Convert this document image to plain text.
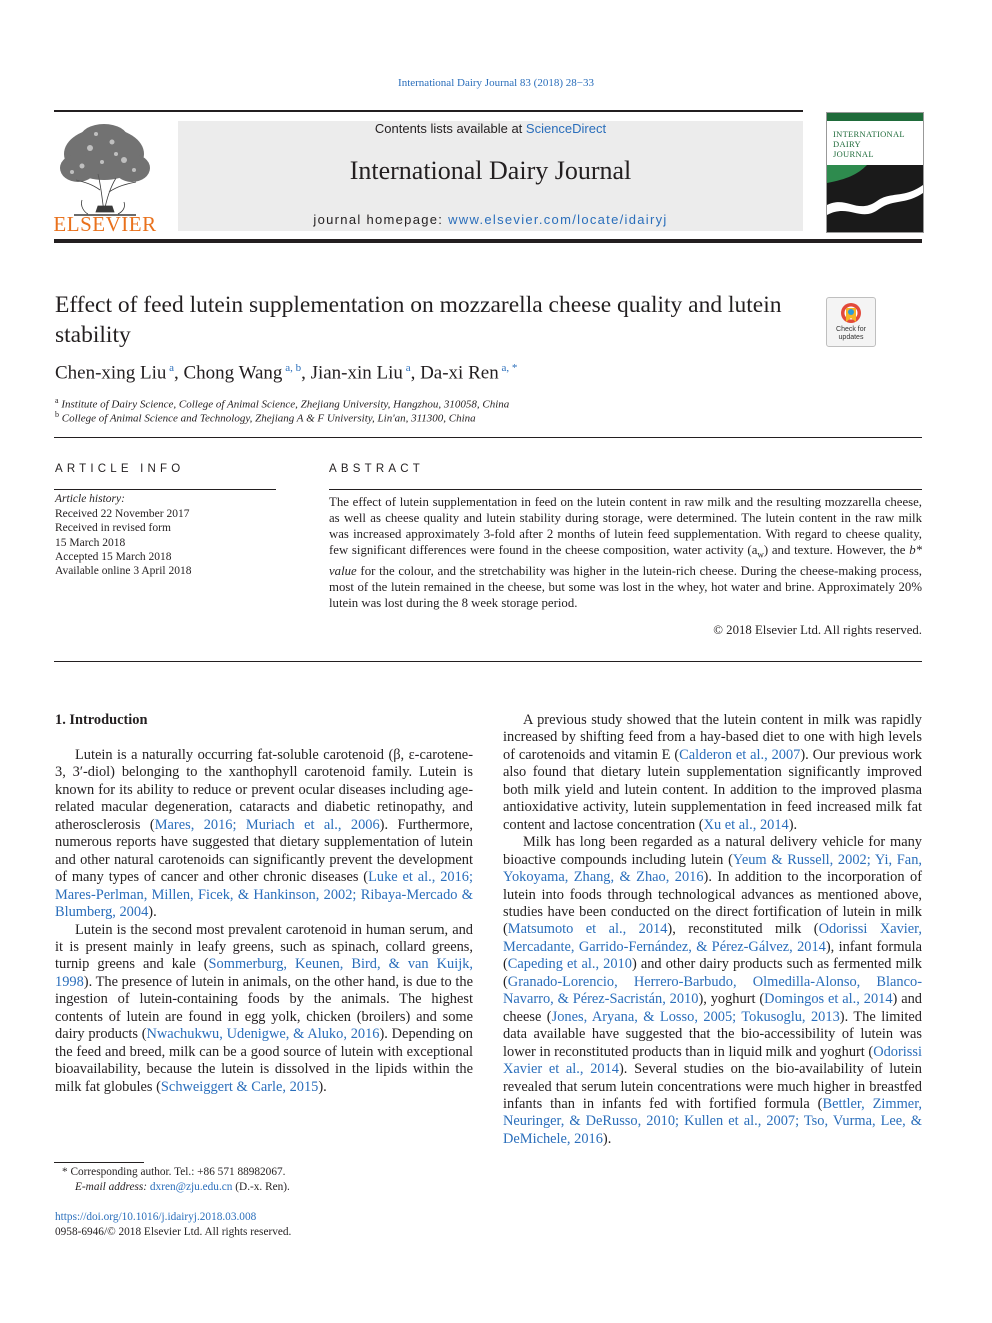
International Dairy Journal 83 (2018) 28−33
ELSEVIER
Contents lists available at ScienceDirect
International Dairy Journal
journal homepage: www.elsevier.com/locate/idairyj
INTERNATIONAL
DAIRY
JOURNAL
Effect of feed lutein supplementation on mozzarella cheese quality and lutein stability	Check for updates
Chen-xing Liu $^a$, Chong Wang $^{a, b}$, Jian-xin Liu $^a$, Da-xi Ren $^{a, *}$
$^a$ Institute of Dairy Science, College of Animal Science, Zhejiang University, Hangzhou, 310058, China
$^b$ College of Animal Science and Technology, Zhejiang A & F University, Lin'an, 311300, China
ARTICLE INFO
Article history:
Received 22 November 2017
Received in revised form
15 March 2018
Accepted 15 March 2018
Available online 3 April 2018
ABSTRACT
The effect of lutein supplementation in feed on the lutein content in raw milk and the resulting mozzarella cheese, as well as cheese quality and lutein stability during storage, were determined. The lutein content in the raw milk was increased approximately 3-fold after 2 months of lutein feed supplementation. With regard to cheese quality, few significant differences were found in the cheese composition, water activity $(a_w)$ and texture. However, the b* value for the colour, and the stretchability was higher in the lutein-rich cheese. During the cheese-making process, most of the lutein remained in the cheese, but some was lost in the whey, hot water and brine. Approximately 20% lutein was lost during the 8 week storage period.
© 2018 Elsevier Ltd. All rights reserved.
1. Introduction

Lutein is a naturally occurring fat-soluble carotenoid (β, ε-carotene-3, 3′-diol) belonging to the xanthophyll carotenoid family. Lutein is known for its ability to reduce or prevent ocular diseases including age-related macular degeneration, cataracts and diabetic retinopathy, and atherosclerosis (Mares, 2016; Muriach et al., 2006). Furthermore, numerous reports have suggested that dietary supplementation of lutein and other natural carotenoids can significantly prevent the development of many types of cancer and other chronic diseases (Luke et al., 2016; Mares-Perlman, Millen, Ficek, & Hankinson, 2002; Ribaya-Mercado & Blumberg, 2004).

Lutein is the second most prevalent carotenoid in human serum, and it is present mainly in leafy greens, such as spinach, collard greens, turnip greens and kale (Sommerburg, Keunen, Bird, & van Kuijk, 1998). The presence of lutein in animals, on the other hand, is due to the ingestion of lutein-containing foods by the animals. The highest contents of lutein are found in egg yolk, chicken (broilers) and some dairy products (Nwachukwu, Udenigwe, & Aluko, 2016). Depending on the feed and breed, milk can be a good source of lutein with exceptional bioavailability, because the lutein is dissolved in the lipids within the milk fat globules (Schweiggert & Carle, 2015).

A previous study showed that the lutein content in milk was rapidly increased by shifting feed from a hay-based diet to one with high levels of carotenoids and vitamin E (Calderon et al., 2007). Our previous work also found that dietary lutein supplementation significantly improved both milk yield and lutein content. In addition to the improved plasma antioxidative activity, lutein supplementation in feed increased milk fat content and lactose concentration (Xu et al., 2014).

Milk has long been regarded as a natural delivery vehicle for many bioactive compounds including lutein (Yeum & Russell, 2002; Yi, Fan, Yokoyama, Zhang, & Zhao, 2016). In addition to the incorporation of lutein into foods through technological advances as mentioned above, studies have been conducted on the direct fortification of lutein in milk (Matsumoto et al., 2014), reconstituted milk (Odorissi Xavier, Mercadante, Garrido-Fernández, & Pérez-Gálvez, 2014), infant formula (Capeding et al., 2010) and other dairy products such as fermented milk (Granado-Lorencio, Herrero-Barbudo, Olmedilla-Alonso, Blanco-Navarro, & Pérez-Sacristán, 2010), yoghurt (Domingos et al., 2014) and cheese (Jones, Aryana, & Losso, 2005; Tokusoglu, 2013). The limited data available have suggested that the bio-accessibility of lutein was lower in reconstituted products than in liquid milk and yoghurt (Odorissi Xavier et al., 2014). Several studies on the bio-availability of lutein revealed that serum lutein concentrations were much higher in breastfed infants than in infants fed with fortified formula (Bettler, Zimmer, Neuringer, & DeRusso, 2010; Kullen et al., 2007; Tso, Vurma, Lee, & DeMichele, 2016).

* Corresponding author. Tel.: +86 571 88982067.
E-mail address: dxren@zju.edu.cn (D.-x. Ren).
https://doi.org/10.1016/j.idairyj.2018.03.008
0958-6946/© 2018 Elsevier Ltd. All rights reserved.
